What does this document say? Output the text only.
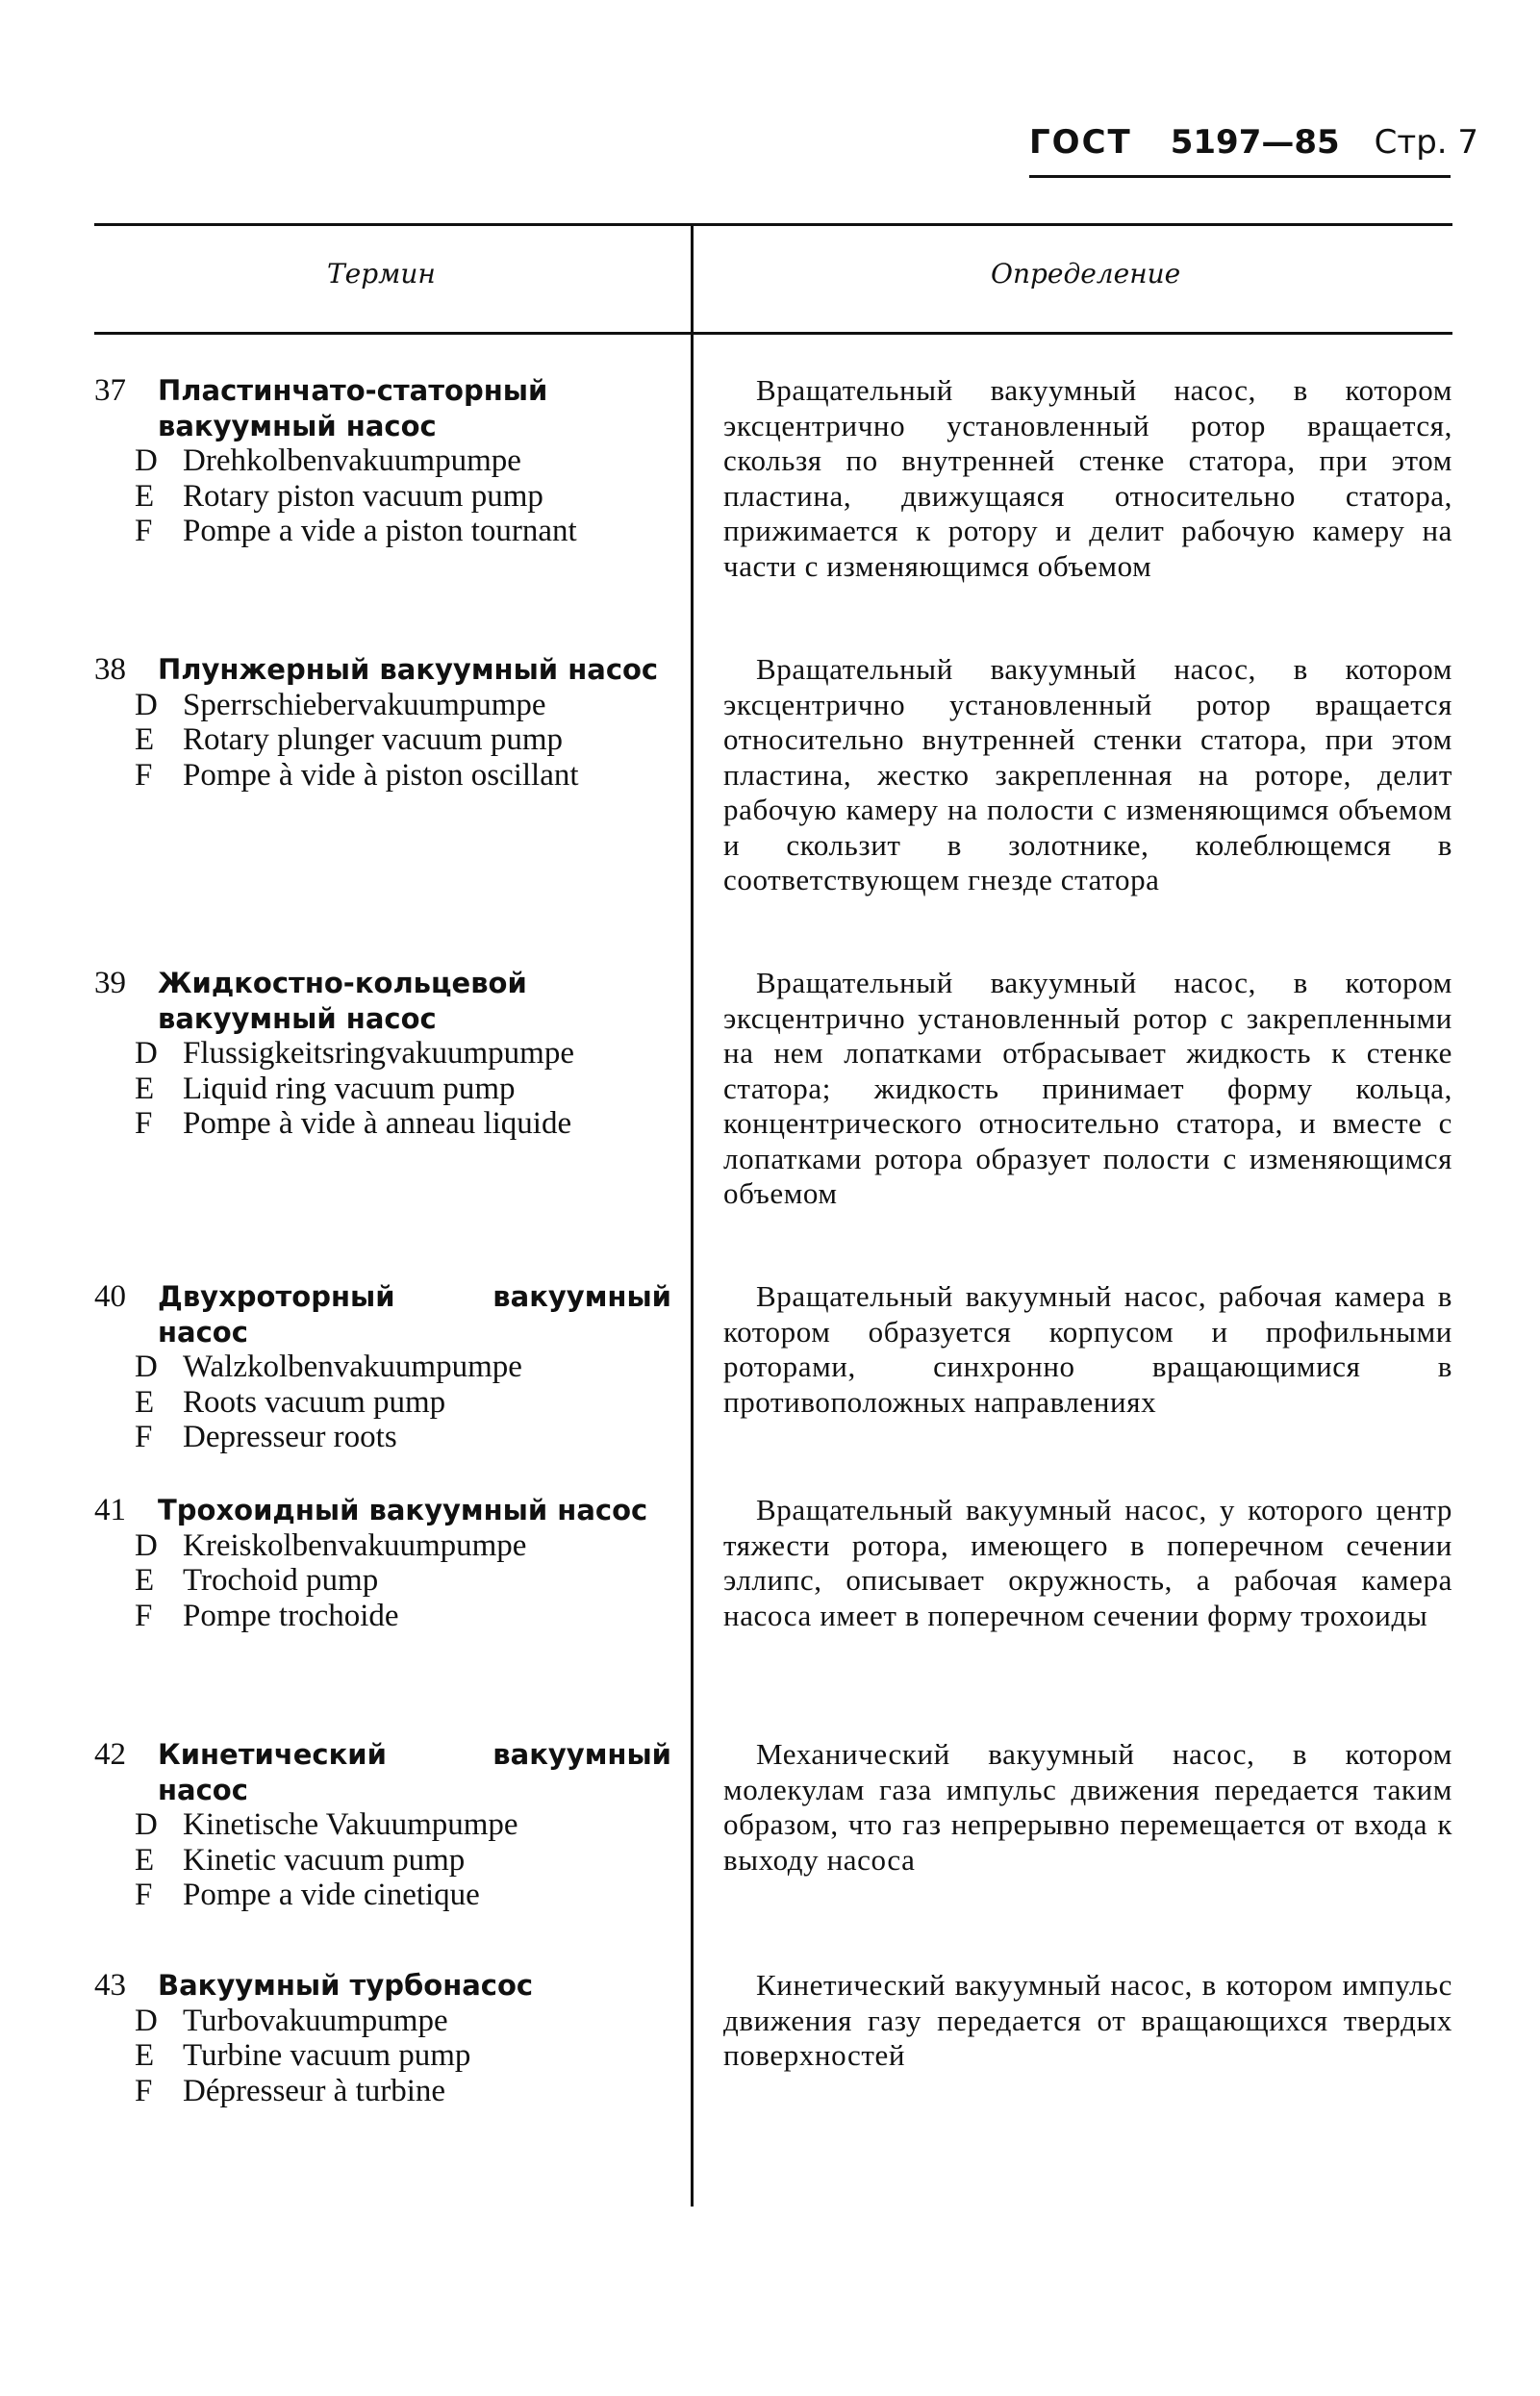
ГОСТ 5197—85 Стр. 7
Термин	Определение
37	Пластинчато-статорный вакуумный насос
D Drehkolbenvakuumpumpe
E Rotary piston vacuum pump
F Pompe a vide a piston tournant
Вращательный вакуумный насос, в котором эксцентрично установленный ротор вращается, скользя по внутренней стенке статора, при этом пластина, движущаяся относительно статора, прижимается к ротору и делит рабочую камеру на части с изменяющимся объемом
38	Плунжерный вакуумный насос
D Sperrschiebervakuumpumpe
E Rotary plunger vacuum pump
F Pompe à vide à piston oscillant
Вращательный вакуумный насос, в котором эксцентрично установленный ротор вращается относительно внутренней стенки статора, при этом пластина, жестко закрепленная на роторе, делит рабочую камеру на полости с изменяющимся объемом и скользит в золотнике, колеблющемся в соответствующем гнезде статора
39	Жидкостно-кольцевой вакуумный насос
D Flussigkeitsringvakuumpumpe
E Liquid ring vacuum pump
F Pompe à vide à anneau liquide
Вращательный вакуумный насос, в котором эксцентрично установленный ротор с закрепленными на нем лопатками отбрасывает жидкость к стенке статора; жидкость принимает форму кольца, концентрического относительно статора, и вместе с лопатками ротора образует полости с изменяющимся объемом
40	Двухроторный вакуумный насос
D Walzkolbenvakuumpumpe
E Roots vacuum pump
F Depresseur roots
Вращательный вакуумный насос, рабочая камера в котором образуется корпусом и профильными роторами, синхронно вращающимися в противоположных направлениях
41	Трохоидный вакуумный насос
D Kreiskolbenvakuumpumpe
E Trochoid pump
F Pompe trochoide
Вращательный вакуумный насос, у которого центр тяжести ротора, имеющего в поперечном сечении эллипс, описывает окружность, а рабочая камера насоса имеет в поперечном сечении форму трохоиды
42	Кинетический вакуумный насос
D Kinetische Vakuumpumpe
E Kinetic vacuum pump
F Pompe a vide cinetique
Механический вакуумный насос, в котором молекулам газа импульс движения передается таким образом, что газ непрерывно перемещается от входа к выходу насоса
43	Вакуумный турбонасос
D Turbovakuumpumpe
E Turbine vacuum pump
F Dépresseur à turbine
Кинетический вакуумный насос, в котором импульс движения газу передается от вращающихся твердых поверхностей
